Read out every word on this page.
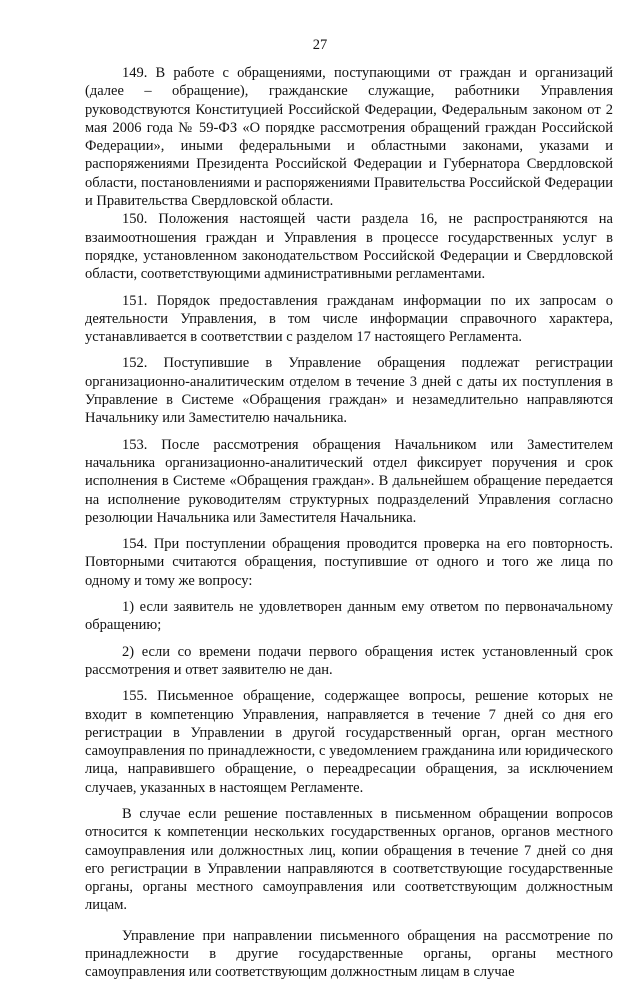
27

149. В работе с обращениями, поступающими от граждан и организаций (далее – обращение), гражданские служащие, работники Управления руководствуются Конституцией Российской Федерации, Федеральным законом от 2 мая 2006 года № 59-ФЗ «О порядке рассмотрения обращений граждан Российской Федерации», иными федеральными и областными законами, указами и распоряжениями Президента Российской Федерации и Губернатора Свердловской области, постановлениями и распоряжениями Правительства Российской Федерации и Правительства Свердловской области.

150. Положения настоящей части раздела 16, не распространяются на взаимоотношения граждан и Управления в процессе государственных услуг в порядке, установленном законодательством Российской Федерации и Свердловской области, соответствующими административными регламентами.

151. Порядок предоставления гражданам информации по их запросам о деятельности Управления, в том числе информации справочного характера, устанавливается в соответствии с разделом 17 настоящего Регламента.

152. Поступившие в Управление обращения подлежат регистрации организационно-аналитическим отделом в течение 3 дней с даты их поступления в Управление в Системе «Обращения граждан» и незамедлительно направляются Начальнику или Заместителю начальника.

153. После рассмотрения обращения Начальником или Заместителем начальника организационно-аналитический отдел фиксирует поручения и срок исполнения в Системе «Обращения граждан». В дальнейшем обращение передается на исполнение руководителям структурных подразделений Управления согласно резолюции Начальника или Заместителя Начальника.

154. При поступлении обращения проводится проверка на его повторность. Повторными считаются обращения, поступившие от одного и того же лица по одному и тому же вопросу:

1) если заявитель не удовлетворен данным ему ответом по первоначальному обращению;

2) если со времени подачи первого обращения истек установленный срок рассмотрения и ответ заявителю не дан.

155. Письменное обращение, содержащее вопросы, решение которых не входит в компетенцию Управления, направляется в течение 7 дней со дня его регистрации в Управлении в другой государственный орган, орган местного самоуправления по принадлежности, с уведомлением гражданина или юридического лица, направившего обращение, о переадресации обращения, за исключением случаев, указанных в настоящем Регламенте.

В случае если решение поставленных в письменном обращении вопросов относится к компетенции нескольких государственных органов, органов местного самоуправления или должностных лиц, копии обращения в течение 7 дней со дня его регистрации в Управлении направляются в соответствующие государственные органы, органы местного самоуправления или соответствующим должностным лицам.

Управление при направлении письменного обращения на рассмотрение по принадлежности в другие государственные органы, органы местного самоуправления или соответствующим должностным лицам в случае
